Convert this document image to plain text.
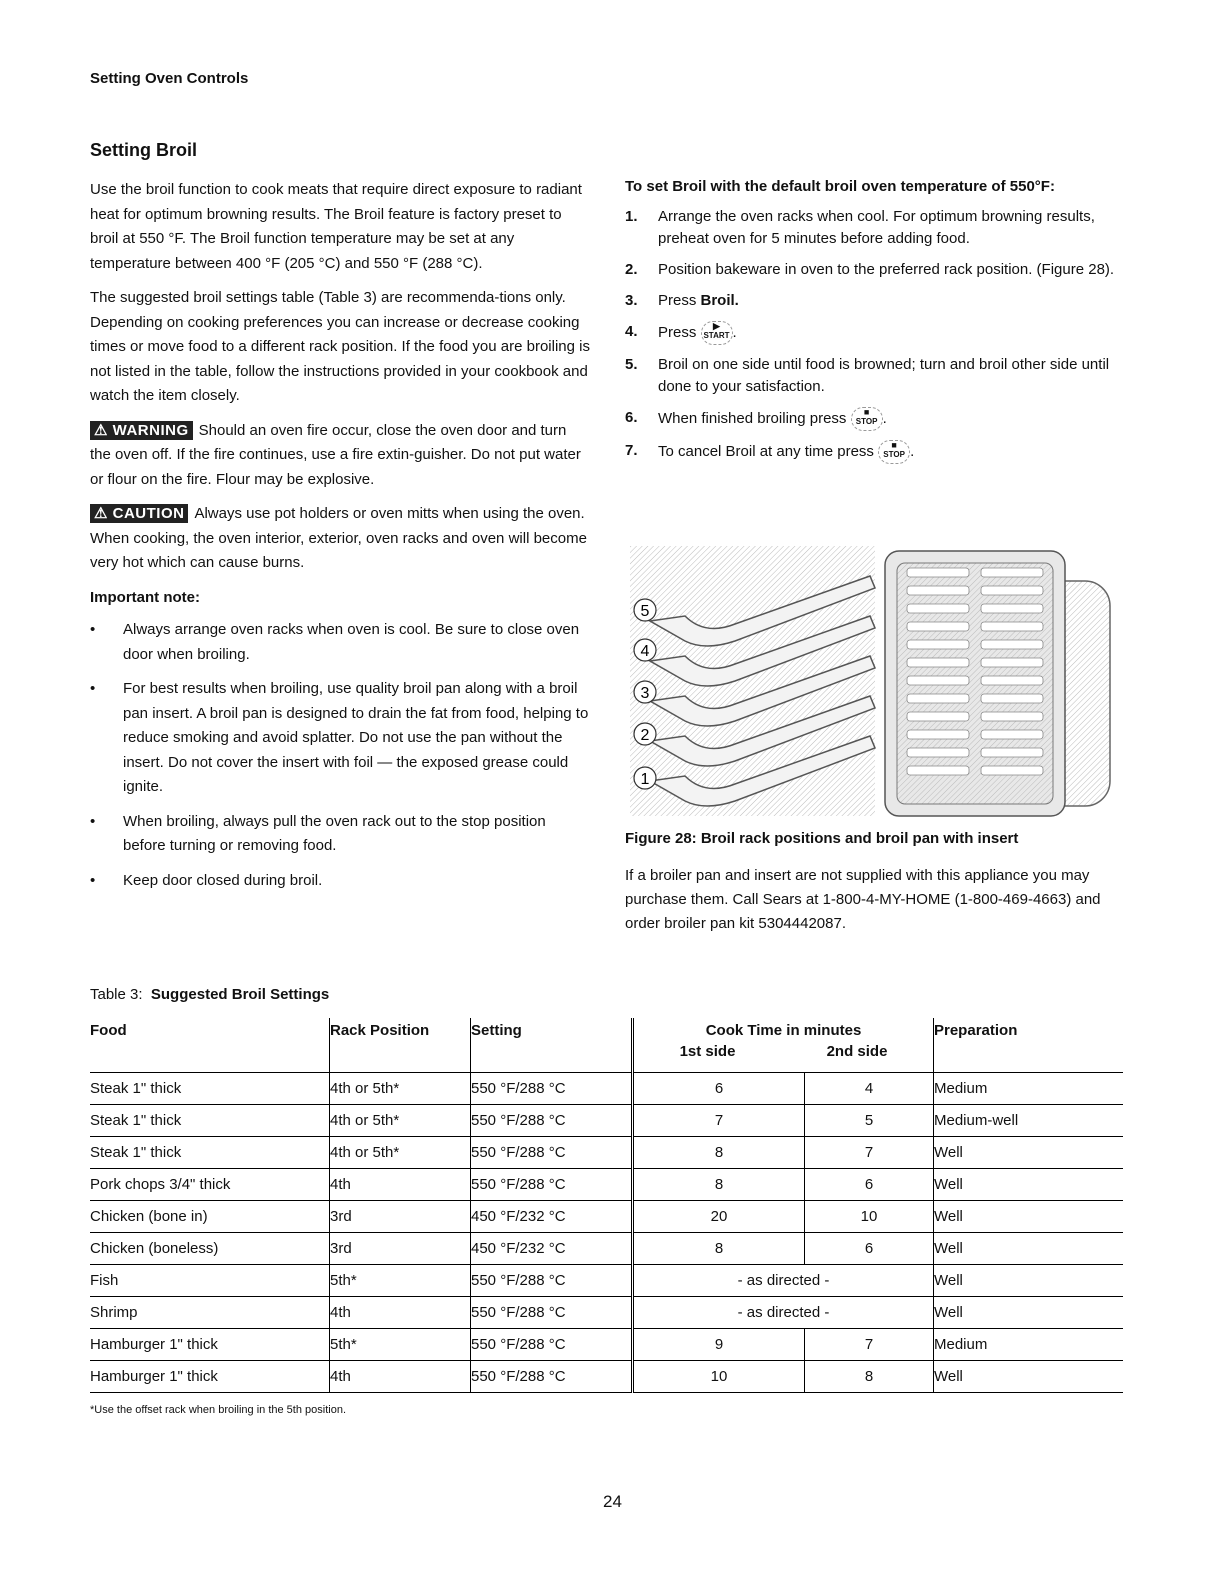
Setting Oven Controls
Setting Broil

Use the broil function to cook meats that require direct exposure to radiant heat for optimum browning results. The Broil feature is factory preset to broil at 550 °F. The Broil function temperature may be set at any temperature between 400 °F (205 °C) and 550 °F (288 °C).

The suggested broil settings table (Table 3) are recommenda-tions only. Depending on cooking preferences you can increase or decrease cooking times or move food to a different rack position. If the food you are broiling is not listed in the table, follow the instructions provided in your cookbook and watch the item closely.

⚠ WARNING Should an oven fire occur, close the oven door and turn the oven off. If the fire continues, use a fire extin-guisher. Do not put water or flour on the fire. Flour may be explosive.

⚠ CAUTION Always use pot holders or oven mitts when using the oven. When cooking, the oven interior, exterior, oven racks and oven will become very hot which can cause burns.

Important note:
• Always arrange oven racks when oven is cool. Be sure to close oven door when broiling.
• For best results when broiling, use quality broil pan along with a broil pan insert. A broil pan is designed to drain the fat from food, helping to reduce smoking and avoid splatter. Do not use the pan without the insert. Do not cover the insert with foil — the exposed grease could ignite.
• When broiling, always pull the oven rack out to the stop position before turning or removing food.
• Keep door closed during broil.
To set Broil with the default broil oven temperature of 550°F:
1. Arrange the oven racks when cool. For optimum browning results, preheat oven for 5 minutes before adding food.
2. Position bakeware in oven to the preferred rack position. (Figure 28).
3. Press Broil.
4. Press	▶
START .
5. Broil on one side until food is browned; turn and broil other side until done to your satisfaction.
6. When finished broiling press	■
STOP .
7. To cancel Broil at any time press	■
STOP .
5
4
3
2
1
Figure 28: Broil rack positions and broil pan with insert
If a broiler pan and insert are not supplied with this appliance you may purchase them. Call Sears at 1-800-4-MY-HOME (1-800-469-4663) and order broiler pan kit 5304442087.
Table 3: Suggested Broil Settings
Food	Rack Position	Setting	Cook Time in minutes
1st side 2nd side		Preparation
Steak 1" thick	4th or 5th*	550 °F/288 °C	6	4	Medium
Steak 1" thick	4th or 5th*	550 °F/288 °C	7	5	Medium-well
Steak 1" thick	4th or 5th*	550 °F/288 °C	8	7	Well
Pork chops 3/4" thick	4th	550 °F/288 °C	8	6	Well
Chicken (bone in)	3rd	450 °F/232 °C	20	10	Well
Chicken (boneless)	3rd	450 °F/232 °C	8	6	Well
Fish	5th*	550 °F/288 °C	- as directed -		Well
Shrimp	4th	550 °F/288 °C	- as directed -		Well
Hamburger 1" thick	5th*	550 °F/288 °C	9	7	Medium
Hamburger 1" thick	4th	550 °F/288 °C	10	8	Well
*Use the offset rack when broiling in the 5th position.
24
